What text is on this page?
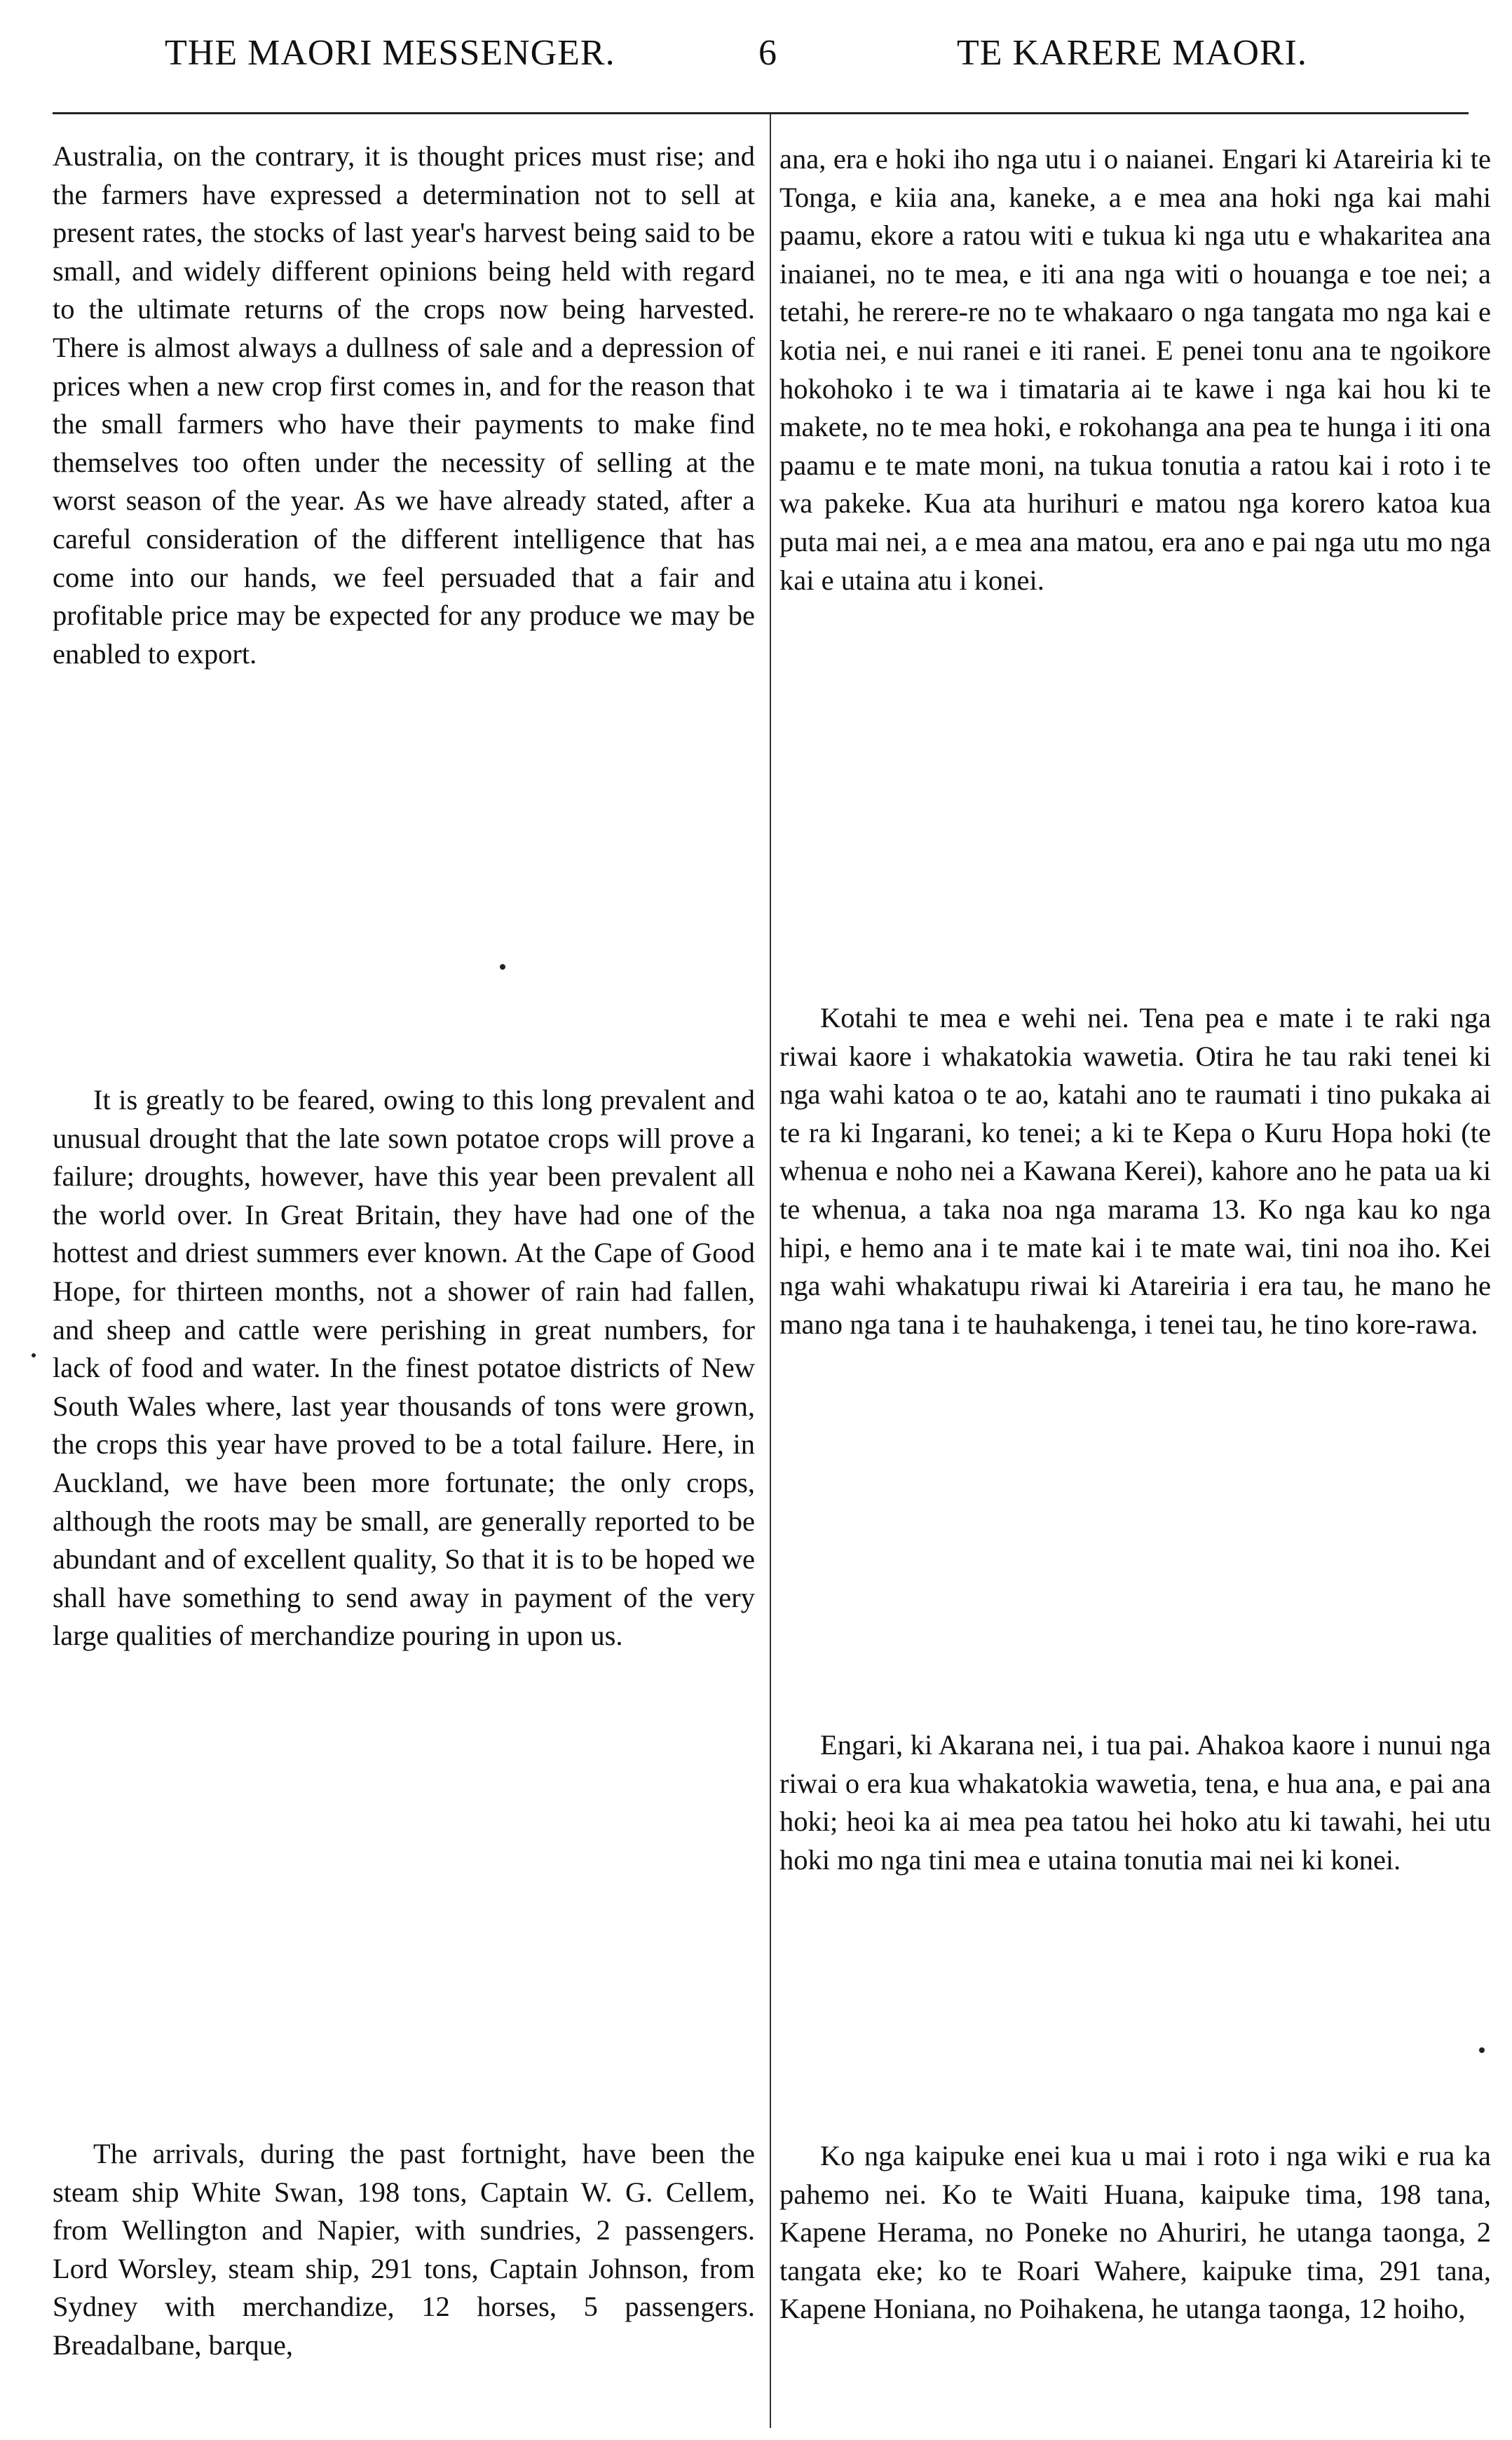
THE MAORI MESSENGER.	6	TE KARERE MAORI.

Australia, on the contrary, it is thought prices must rise; and the farmers have expressed a determination not to sell at present rates, the stocks of last year's harvest being said to be small, and widely different opinions being held with regard to the ultimate returns of the crops now being harvested. There is almost always a dullness of sale and a depression of prices when a new crop first comes in, and for the reason that the small farmers who have their payments to make find themselves too often under the necessity of selling at the worst season of the year. As we have already stated, after a careful consideration of the different intelligence that has come into our hands, we feel persuaded that a fair and profitable price may be expected for any produce we may be enabled to export.

It is greatly to be feared, owing to this long prevalent and unusual drought that the late sown potatoe crops will prove a failure; droughts, however, have this year been prevalent all the world over. In Great Britain, they have had one of the hottest and driest summers ever known. At the Cape of Good Hope, for thirteen months, not a shower of rain had fallen, and sheep and cattle were perishing in great numbers, for lack of food and water. In the finest potatoe districts of New South Wales where, last year thousands of tons were grown, the crops this year have proved to be a total failure. Here, in Auckland, we have been more fortunate; the only crops, although the roots may be small, are generally reported to be abundant and of excellent quality, So that it is to be hoped we shall have something to send away in payment of the very large qualities of merchandize pouring in upon us.

The arrivals, during the past fortnight, have been the steam ship White Swan, 198 tons, Captain W. G. Cellem, from Wellington and Napier, with sundries, 2 passengers. Lord Worsley, steam ship, 291 tons, Captain Johnson, from Sydney with merchandize, 12 horses, 5 passengers. Breadalbane, barque,

ana, era e hoki iho nga utu i o naianei. Engari ki Atareiria ki te Tonga, e kiia ana, kaneke, a e mea ana hoki nga kai mahi paamu, ekore a ratou witi e tukua ki nga utu e whakaritea ana inaianei, no te mea, e iti ana nga witi o houanga e toe nei; a tetahi, he rerere-re no te whakaaro o nga tangata mo nga kai e kotia nei, e nui ranei e iti ranei. E penei tonu ana te ngoikore hokohoko i te wa i timataria ai te kawe i nga kai hou ki te makete, no te mea hoki, e rokohanga ana pea te hunga i iti ona paamu e te mate moni, na tukua tonutia a ratou kai i roto i te wa pakeke. Kua ata hurihuri e matou nga korero katoa kua puta mai nei, a e mea ana matou, era ano e pai nga utu mo nga kai e utaina atu i konei.

Kotahi te mea e wehi nei. Tena pea e mate i te raki nga riwai kaore i whakatokia wawetia. Otira he tau raki tenei ki nga wahi katoa o te ao, katahi ano te raumati i tino pukaka ai te ra ki Ingarani, ko tenei; a ki te Kepa o Kuru Hopa hoki (te whenua e noho nei a Kawana Kerei), kahore ano he pata ua ki te whenua, a taka noa nga marama 13. Ko nga kau ko nga hipi, e hemo ana i te mate kai i te mate wai, tini noa iho. Kei nga wahi whakatupu riwai ki Atareiria i era tau, he mano he mano nga tana i te hauhakenga, i tenei tau, he tino kore-rawa.

Engari, ki Akarana nei, i tua pai. Ahakoa kaore i nunui nga riwai o era kua whakatokia wawetia, tena, e hua ana, e pai ana hoki; heoi ka ai mea pea tatou hei hoko atu ki tawahi, hei utu hoki mo nga tini mea e utaina tonutia mai nei ki konei.

Ko nga kaipuke enei kua u mai i roto i nga wiki e rua ka pahemo nei. Ko te Waiti Huana, kaipuke tima, 198 tana, Kapene Herama, no Poneke no Ahuriri, he utanga taonga, 2 tangata eke; ko te Roari Wahere, kaipuke tima, 291 tana, Kapene Honiana, no Poihakena, he utanga taonga, 12 hoiho,
